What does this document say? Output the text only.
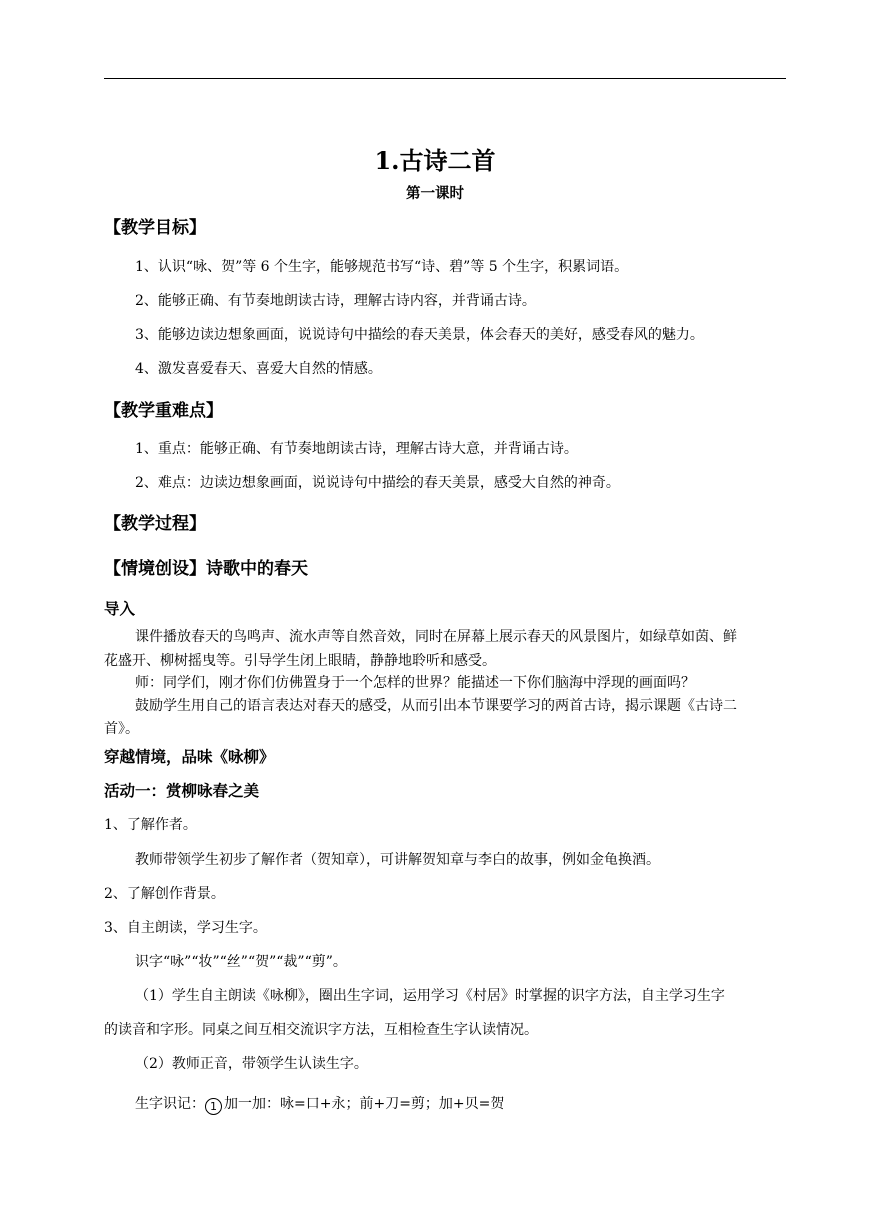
1.古诗二首
第一课时
【教学目标】
1、认识“咏、贺”等 6 个生字，能够规范书写“诗、碧”等 5 个生字，积累词语。
2、能够正确、有节奏地朗读古诗，理解古诗内容，并背诵古诗。
3、能够边读边想象画面，说说诗句中描绘的春天美景，体会春天的美好，感受春风的魅力。
4、激发喜爱春天、喜爱大自然的情感。
【教学重难点】
1、重点：能够正确、有节奏地朗读古诗，理解古诗大意，并背诵古诗。
2、难点：边读边想象画面，说说诗句中描绘的春天美景，感受大自然的神奇。
【教学过程】
【情境创设】诗歌中的春天
导入
课件播放春天的鸟鸣声、流水声等自然音效，同时在屏幕上展示春天的风景图片，如绿草如茵、鲜
花盛开、柳树摇曳等。引导学生闭上眼睛，静静地聆听和感受。
师：同学们，刚才你们仿佛置身于一个怎样的世界？能描述一下你们脑海中浮现的画面吗？
鼓励学生用自己的语言表达对春天的感受，从而引出本节课要学习的两首古诗，揭示课题《古诗二
首》。
穿越情境，品味《咏柳》
活动一：赏柳咏春之美
1、了解作者。
教师带领学生初步了解作者（贺知章），可讲解贺知章与李白的故事，例如金龟换酒。
2、了解创作背景。
3、自主朗读，学习生字。
识字“咏”“妆”“丝”“贺”“裁”“剪”。
（1）学生自主朗读《咏柳》，圈出生字词，运用学习《村居》时掌握的识字方法，自主学习生字
的读音和字形。同桌之间互相交流识字方法，互相检查生字认读情况。
（2）教师正音，带领学生认读生字。
生字识记： 1 加一加：咏=口+永；前+刀=剪；加+贝=贺
